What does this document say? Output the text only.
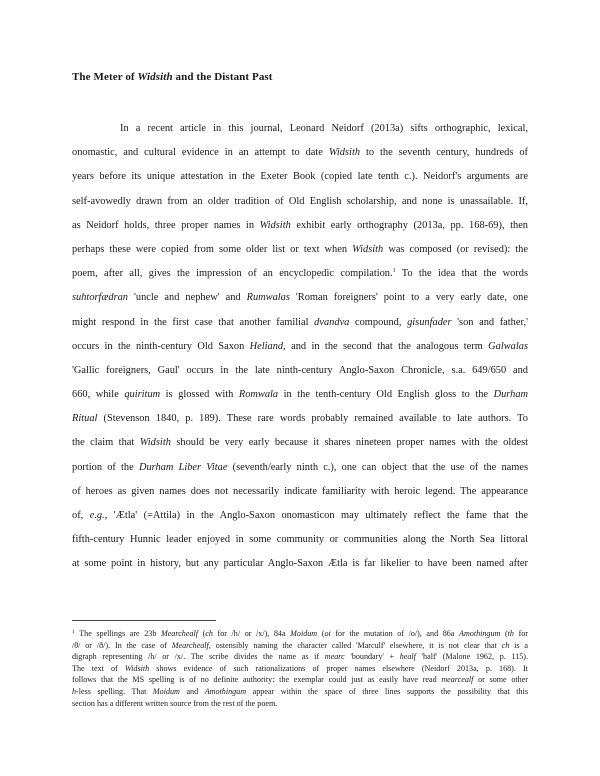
The Meter of Widsith and the Distant Past
In a recent article in this journal, Leonard Neidorf (2013a) sifts orthographic, lexical,
onomastic, and cultural evidence in an attempt to date Widsith to the seventh century, hundreds of
years before its unique attestation in the Exeter Book (copied late tenth c.). Neidorf's arguments are
self-avowedly drawn from an older tradition of Old English scholarship, and none is unassailable. If,
as Neidorf holds, three proper names in Widsith exhibit early orthography (2013a, pp. 168-69), then
perhaps these were copied from some older list or text when Widsith was composed (or revised): the
poem, after all, gives the impression of an encyclopedic compilation.$^1$ To the idea that the words
suhtorfædran 'uncle and nephew' and Rumwalas 'Roman foreigners' point to a very early date, one
might respond in the first case that another familial dvandva compound, gisunfader 'son and father,'
occurs in the ninth-century Old Saxon Heliand, and in the second that the analogous term Galwalas
'Gallic foreigners, Gaul' occurs in the late ninth-century Anglo-Saxon Chronicle, s.a. 649/650 and
660, while quiritum is glossed with Romwala in the tenth-century Old English gloss to the Durham
Ritual (Stevenson 1840, p. 189). These rare words probably remained available to late authors. To
the claim that Widsith should be very early because it shares nineteen proper names with the oldest
portion of the Durham Liber Vitae (seventh/early ninth c.), one can object that the use of the names
of heroes as given names does not necessarily indicate familiarity with heroic legend. The appearance
of, e.g., 'Ætla' (=Attila) in the Anglo-Saxon onomasticon may ultimately reflect the fame that the
fifth-century Hunnic leader enjoyed in some community or communities along the North Sea littoral
at some point in history, but any particular Anglo-Saxon Ætla is far likelier to have been named after
$^1$ The spellings are 23b Mearchealf (ch for /h/ or /x/), 84a Moidum (oi for the mutation of /o/), and 86a Amothingum (th for
/θ/ or /ð/). In the case of Mearchealf, ostensibly naming the character called 'Marculf' elsewhere, it is not clear that ch is a
digraph representing /h/ or /x/. The scribe divides the name as if mearc 'boundary' + healf 'half' (Malone 1962, p. 115).
The text of Widsith shows evidence of such rationalizations of proper names elsewhere (Neidorf 2013a, p. 168). It
follows that the MS spelling is of no definite authority: the exemplar could just as easily have read mearcealf or some other
h-less spelling. That Moidum and Amothingum appear within the space of three lines supports the possibility that this
section has a different written source from the rest of the poem.
